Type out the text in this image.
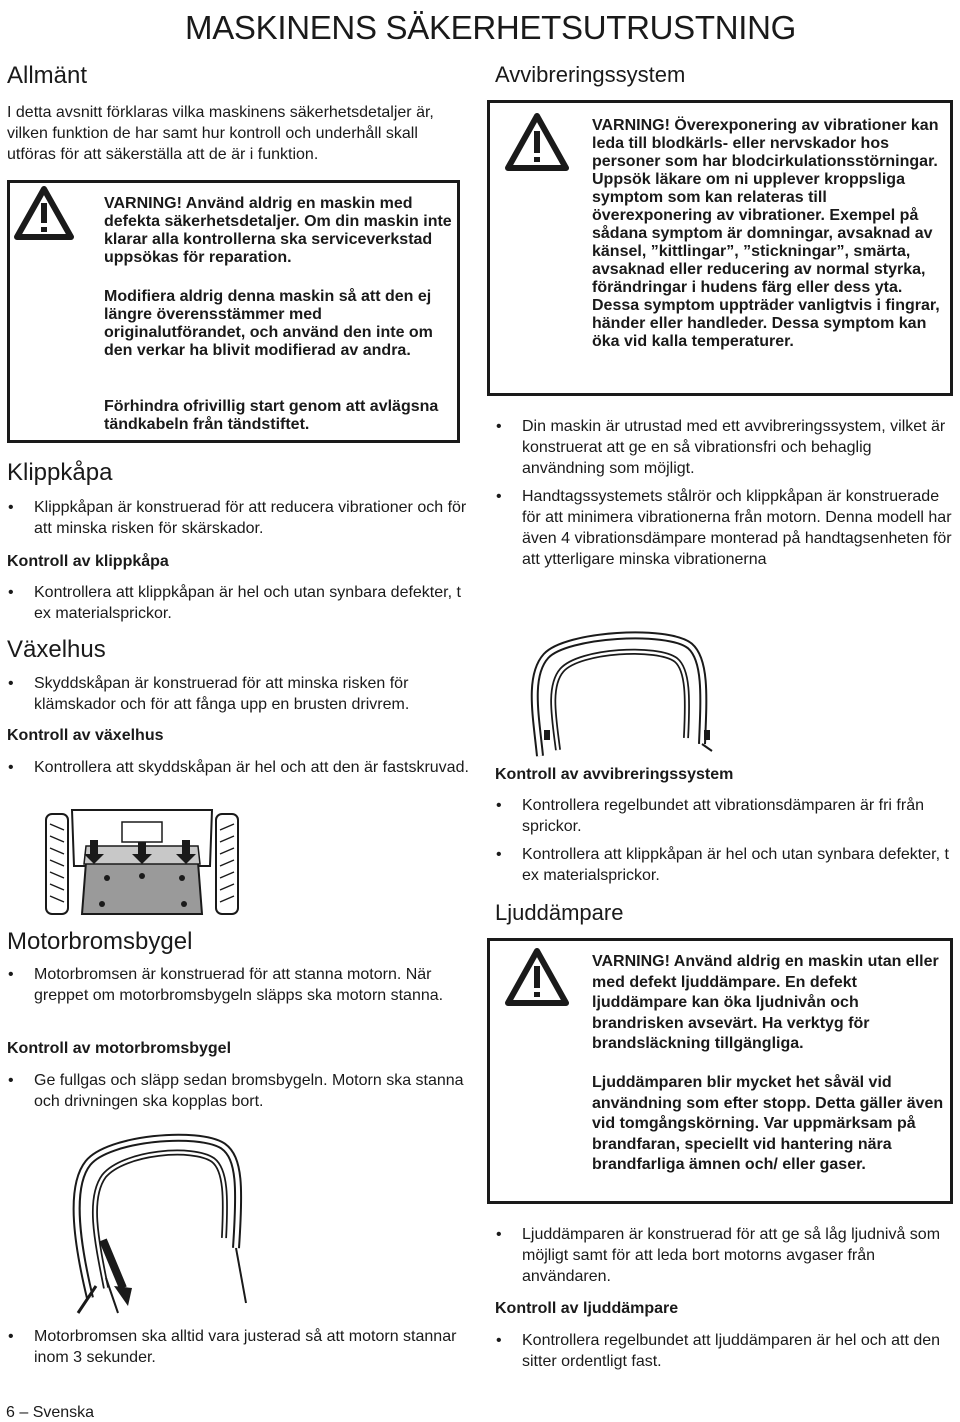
MASKINENS SÄKERHETSUTRUSTNING
Allmänt
I detta avsnitt förklaras vilka maskinens säkerhetsdetaljer är, vilken funktion de har samt hur kontroll och underhåll skall utföras för att säkerställa att de är i funktion.
VARNING! Använd aldrig en maskin med defekta säkerhetsdetaljer. Om din maskin inte klarar alla kontrollerna ska serviceverkstad uppsökas för reparation.
Modifiera aldrig denna maskin så att den ej längre överensstämmer med originalutförandet, och använd den inte om den verkar ha blivit modifierad av andra.
Förhindra ofrivillig start genom att avlägsna tändkabeln från tändstiftet.
Klippkåpa
• Klippkåpan är konstruerad för att reducera vibrationer och för att minska risken för skärskador.
Kontroll av klippkåpa
• Kontrollera att klippkåpan är hel och utan synbara defekter, t ex materialsprickor.
Växelhus
• Skyddskåpan är konstruerad för att minska risken för klämskador och för att fånga upp en brusten drivrem.
Kontroll av växelhus
• Kontrollera att skyddskåpan är hel och att den är fastskruvad.
Motorbromsbygel
• Motorbromsen är konstruerad för att stanna motorn. När greppet om motorbromsbygeln släpps ska motorn stanna.
Kontroll av motorbromsbygel
• Ge fullgas och släpp sedan bromsbygeln. Motorn ska stanna och drivningen ska kopplas bort.
• Motorbromsen ska alltid vara justerad så att motorn stannar inom 3 sekunder.
6 – Svenska
Avvibreringssystem
VARNING! Överexponering av vibrationer kan leda till blodkärls- eller nervskador hos personer som har blodcirkulationsstörningar. Uppsök läkare om ni upplever kroppsliga symptom som kan relateras till överexponering av vibrationer. Exempel på sådana symptom är domningar, avsaknad av känsel, ”kittlingar”, ”stickningar”, smärta, avsaknad eller reducering av normal styrka, förändringar i hudens färg eller dess yta. Dessa symptom uppträder vanligtvis i fingrar, händer eller handleder. Dessa symptom kan öka vid kalla temperaturer.
• Din maskin är utrustad med ett avvibreringssystem, vilket är konstruerat att ge en så vibrationsfri och behaglig användning som möjligt.
• Handtagssystemets stålrör och klippkåpan är konstruerade för att minimera vibrationerna från motorn. Denna modell har även 4 vibrationsdämpare monterad på handtagsenheten för att ytterligare minska vibrationerna
Kontroll av avvibreringssystem
• Kontrollera regelbundet att vibrationsdämparen är fri från sprickor.
• Kontrollera att klippkåpan är hel och utan synbara defekter, t ex materialsprickor.
Ljuddämpare
VARNING! Använd aldrig en maskin utan eller med defekt ljuddämpare. En defekt ljuddämpare kan öka ljudnivån och brandrisken avsevärt. Ha verktyg för brandsläckning tillgängliga.
Ljuddämparen blir mycket het såväl vid användning som efter stopp. Detta gäller även vid tomgångskörning. Var uppmärksam på brandfaran, speciellt vid hantering nära brandfarliga ämnen och/ eller gaser.
• Ljuddämparen är konstruerad för att ge så låg ljudnivå som möjligt samt för att leda bort motorns avgaser från användaren.
Kontroll av ljuddämpare
• Kontrollera regelbundet att ljuddämparen är hel och att den sitter ordentligt fast.
